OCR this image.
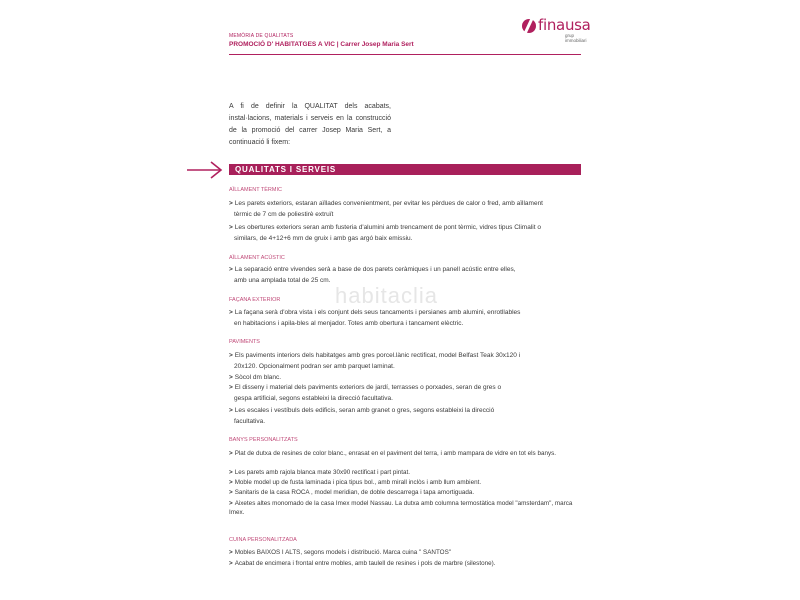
MEMÒRIA DE QUALITATS
PROMOCIÓ D' HABITATGES A VIC | Carrer Josep Maria Sert
finausa
grup immobiliari
A fi de definir la QUALITAT dels acabats, instal·lacions, materials i serveis en la construcció de la promoció del carrer Josep Maria Sert, a continuació li fixem:
QUALITATS I SERVEIS
habitaclia
AÏLLAMENT TÈRMIC
> Les parets exteriors, estaran aïllades convenientment, per evitar les pèrdues de calor o fred, amb aïllament
tèrmic de 7 cm de poliestirè extruït
> Les obertures exteriors seran amb fusteria d'alumini amb trencament de pont tèrmic, vidres tipus Climalit o
similars, de 4+12+6 mm de gruix i amb gas argó baix emissiu.
AÏLLAMENT ACÚSTIC
> La separació entre vivendes serà a base de dos parets ceràmiques i un panell acústic entre elles,
amb una amplada total de 25 cm.
FAÇANA EXTERIOR
> La façana serà d'obra vista i els conjunt dels seus tancaments i persianes amb alumini, enrotllables
en habitacions i apila-bles al menjador. Totes amb obertura i tancament elèctric.
PAVIMENTS
> Els paviments interiors dels habitatges amb gres porcel.lànic rectificat, model Belfast Teak 30x120 i
20x120. Opcionalment podran ser amb parquet laminat.
> Sòcol dm blanc.
> El disseny i material dels paviments exteriors de jardí, terrasses o porxades, seran de gres o
gespa artificial, segons estableixi la direcció facultativa.
> Les escales i vestíbuls dels edificis, seran amb granet o gres, segons estableixi la direcció
facultativa.
BANYS PERSONALITZATS
> Plat de dutxa de resines de color blanc., enrasat en el paviment del terra, i amb mampara de vidre en tot els banys.
> Les parets amb rajola blanca mate 30x90 rectificat i part pintat.
> Moble model up de fusta laminada i pica tipus bol., amb mirall inclòs i amb llum ambient.
> Sanitaris de la casa ROCA , model meridian, de doble descarrega i tapa amortiguada.
> Aixetes altes monomado de la casa Imex model Nassau. La dutxa amb columna termostàtica model "amsterdam", marca Imex.
CUINA PERSONALITZADA
> Mobles BAIXOS I ALTS, segons models i distribució. Marca cuina " SANTOS"
> Acabat de encimera i frontal entre mobles, amb taulell de resines i pols de marbre (silestone).
